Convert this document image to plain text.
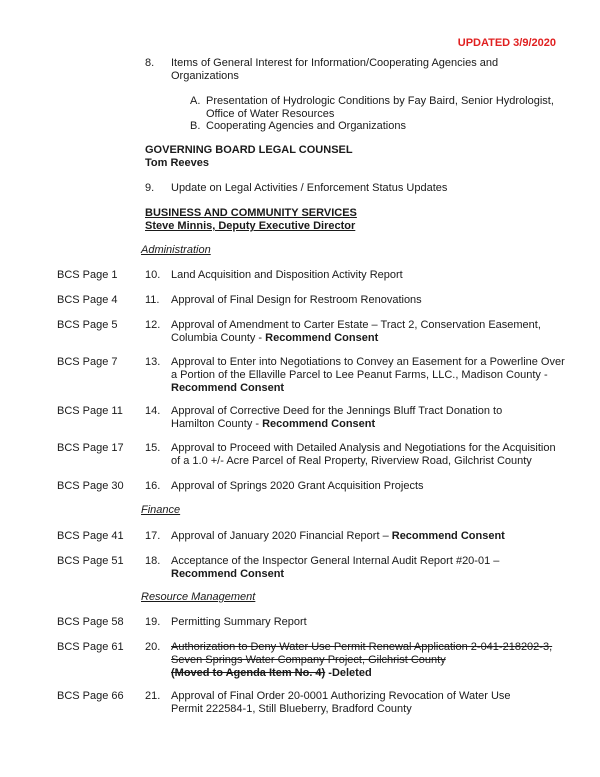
UPDATED 3/9/2020
8. Items of General Interest for Information/Cooperating Agencies and Organizations
A. Presentation of Hydrologic Conditions by Fay Baird, Senior Hydrologist, Office of Water Resources
B. Cooperating Agencies and Organizations
GOVERNING BOARD LEGAL COUNSEL
Tom Reeves
9. Update on Legal Activities / Enforcement Status Updates
BUSINESS AND COMMUNITY SERVICES
Steve Minnis, Deputy Executive Director
Administration
BCS Page 1 10. Land Acquisition and Disposition Activity Report
BCS Page 4 11. Approval of Final Design for Restroom Renovations
BCS Page 5 12. Approval of Amendment to Carter Estate – Tract 2, Conservation Easement, Columbia County - Recommend Consent
BCS Page 7 13. Approval to Enter into Negotiations to Convey an Easement for a Powerline Over a Portion of the Ellaville Parcel to Lee Peanut Farms, LLC., Madison County - Recommend Consent
BCS Page 11 14. Approval of Corrective Deed for the Jennings Bluff Tract Donation to Hamilton County - Recommend Consent
BCS Page 17 15. Approval to Proceed with Detailed Analysis and Negotiations for the Acquisition of a 1.0 +/- Acre Parcel of Real Property, Riverview Road, Gilchrist County
BCS Page 30 16. Approval of Springs 2020 Grant Acquisition Projects
Finance
BCS Page 41 17. Approval of January 2020 Financial Report – Recommend Consent
BCS Page 51 18. Acceptance of the Inspector General Internal Audit Report #20-01 – Recommend Consent
Resource Management
BCS Page 58 19. Permitting Summary Report
BCS Page 61 20. Authorization to Deny Water Use Permit Renewal Application 2-041-218202-3, Seven Springs Water Company Project, Gilchrist County
(Moved to Agenda Item No. 4) -Deleted
BCS Page 66 21. Approval of Final Order 20-0001 Authorizing Revocation of Water Use Permit 222584-1, Still Blueberry, Bradford County
